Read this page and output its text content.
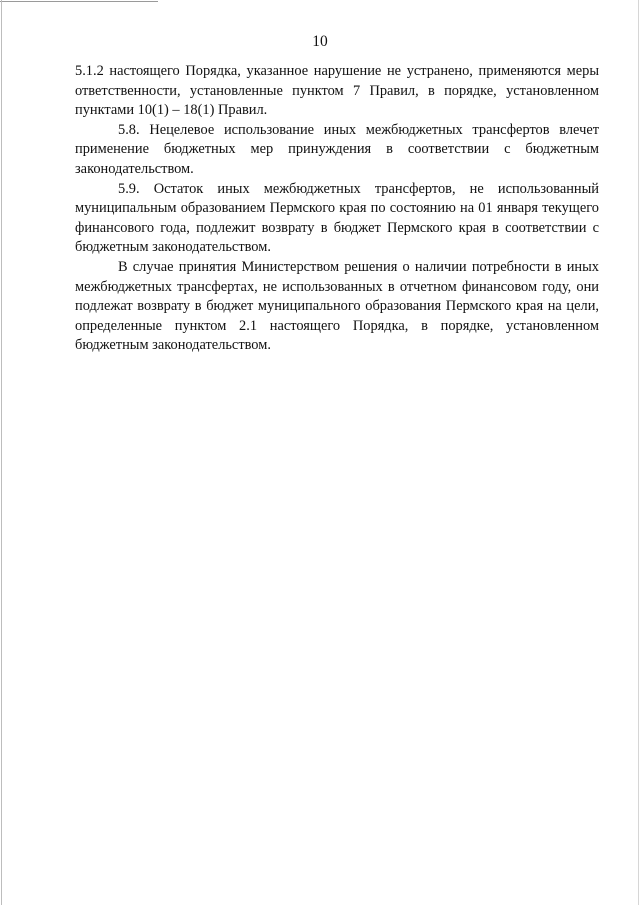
10

5.1.2 настоящего Порядка, указанное нарушение не устранено, применяются меры ответственности, установленные пунктом 7 Правил, в порядке, установленном пунктами 10(1) – 18(1) Правил.

5.8. Нецелевое использование иных межбюджетных трансфертов влечет применение бюджетных мер принуждения в соответствии с бюджетным законодательством.

5.9. Остаток иных межбюджетных трансфертов, не использованный муниципальным образованием Пермского края по состоянию на 01 января текущего финансового года, подлежит возврату в бюджет Пермского края в соответствии с бюджетным законодательством.

В случае принятия Министерством решения о наличии потребности в иных межбюджетных трансфертах, не использованных в отчетном финансовом году, они подлежат возврату в бюджет муниципального образования Пермского края на цели, определенные пунктом 2.1 настоящего Порядка, в порядке, установленном бюджетным законодательством.
